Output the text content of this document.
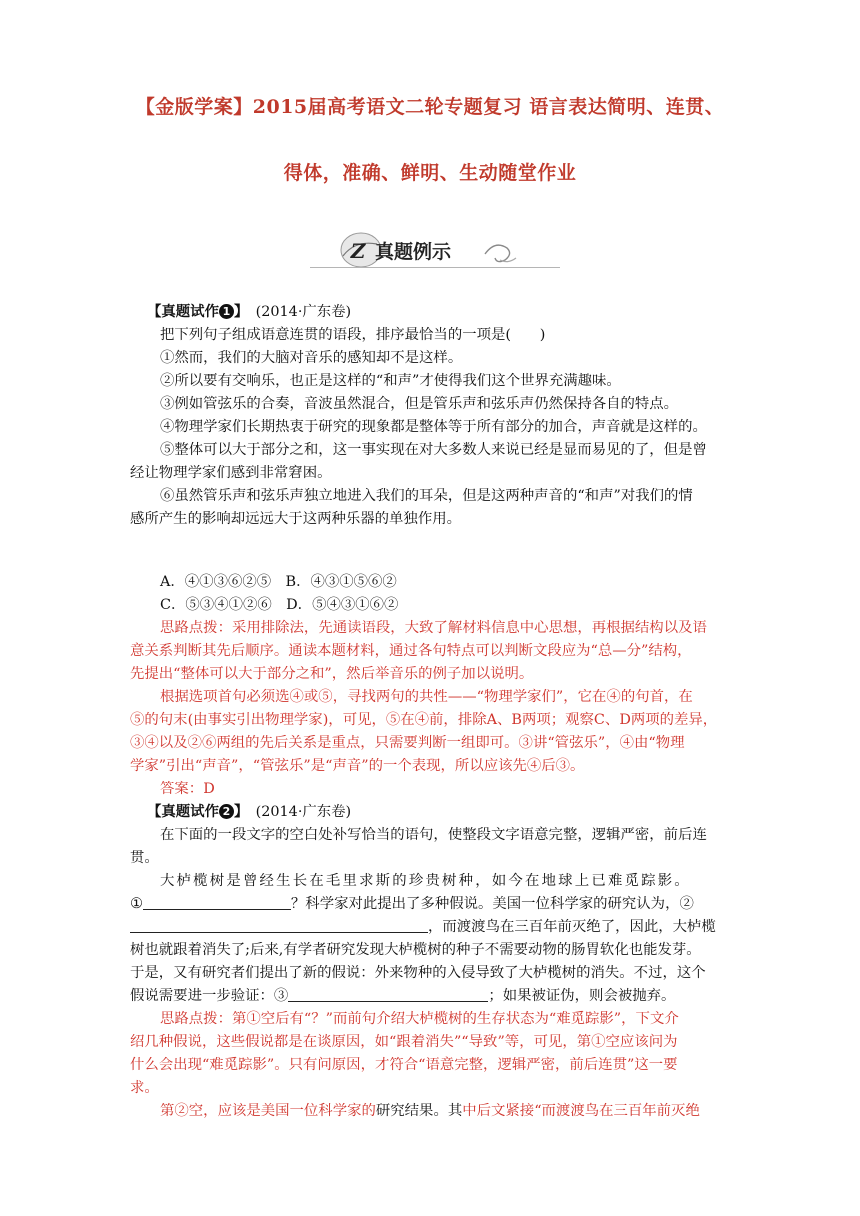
【金版学案】2015届高考语文二轮专题复习 语言表达简明、连贯、
得体，准确、鲜明、生动随堂作业
Z 真题例示
【真题试作 1 】　 (2014·广东卷)
把下列句子组成语意连贯的语段，排序最恰当的一项是(　　)
①然而，我们的大脑对音乐的感知却不是这样。
②所以要有交响乐，也正是这样的“和声”才使得我们这个世界充满趣味。
③例如管弦乐的合奏，音波虽然混合，但是管乐声和弦乐声仍然保持各自的特点。
④物理学家们长期热衷于研究的现象都是整体等于所有部分的加合，声音就是这样的。
⑤整体可以大于部分之和，这一事实现在对大多数人来说已经是显而易见的了，但是曾
经让物理学家们感到非常窘困。
⑥虽然管乐声和弦乐声独立地进入我们的耳朵，但是这两种声音的“和声”对我们的情
感所产生的影响却远远大于这两种乐器的单独作用。
A．④①③⑥②⑤　B．④③①⑤⑥②
C．⑤③④①②⑥　D．⑤④③①⑥②
思路点拨：采用排除法，先通读语段，大致了解材料信息中心思想，再根据结构以及语
意关系判断其先后顺序。通读本题材料，通过各句特点可以判断文段应为“总—分”结构，
先提出“整体可以大于部分之和”，然后举音乐的例子加以说明。
根据选项首句必须选④或⑤，寻找两句的共性——“物理学家们”，它在④的句首，在
⑤的句末(由事实引出物理学家)，可见，⑤在④前，排除A、B两项；观察C、D两项的差异，
③④以及②⑥两组的先后关系是重点，只需要判断一组即可。③讲“管弦乐”，④由“物理
学家”引出“声音”，“管弦乐”是“声音”的一个表现，所以应该先④后③。
答案：D
【真题试作 2 】　 (2014·广东卷)
在下面的一段文字的空白处补写恰当的语句，使整段文字语意完整，逻辑严密，前后连
贯。
大栌榄树是曾经生长在毛里求斯的珍贵树种，如今在地球上已难觅踪影。
①	？科学家对此提出了多种假说。美国一位科学家的研究认为，②
，而渡渡鸟在三百年前灭绝了，因此，大栌榄
树也就跟着消失了;后来,有学者研究发现大栌榄树的种子不需要动物的肠胃软化也能发芽。
于是，又有研究者们提出了新的假说：外来物种的入侵导致了大栌榄树的消失。不过，这个
假说需要进一步验证：③	；如果被证伪，则会被抛弃。
思路点拨：第①空后有“？”而前句介绍大栌榄树的生存状态为“难觅踪影”，下文介
绍几种假说，这些假说都是在谈原因，如“跟着消失”“导致”等，可见，第①空应该问为
什么会出现“难觅踪影”。只有问原因，才符合“语意完整，逻辑严密，前后连贯”这一要
求。
第②空，应该是美国一位科学家的研究结果。其中后文紧接“而渡渡鸟在三百年前灭绝
